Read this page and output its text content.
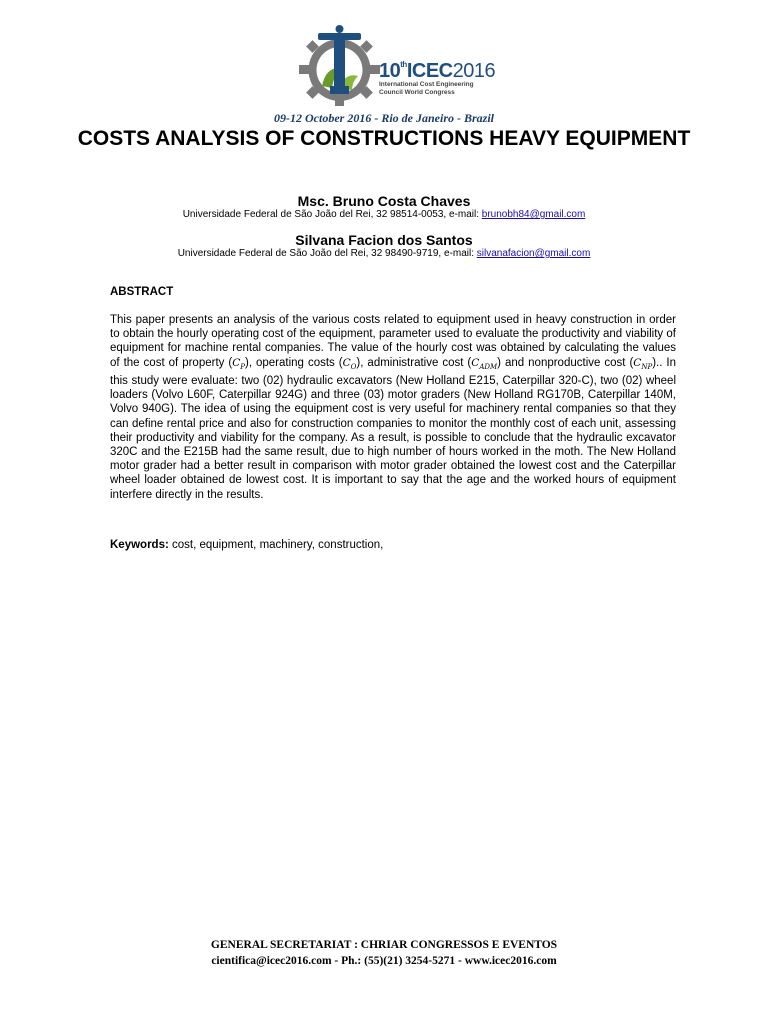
10thICEC2016
International Cost Engineering
Council World Congress
09-12 October 2016 - Rio de Janeiro - Brazil
COSTS ANALYSIS OF CONSTRUCTIONS HEAVY EQUIPMENT
Msc. Bruno Costa Chaves
Universidade Federal de São João del Rei, 32 98514-0053, e-mail: brunobh84@gmail.com
Silvana Facion dos Santos
Universidade Federal de São João del Rei, 32 98490-9719, e-mail: silvanafacion@gmail.com
ABSTRACT
This paper presents an analysis of the various costs related to equipment used in heavy construction in order to obtain the hourly operating cost of the equipment, parameter used to evaluate the productivity and viability of equipment for machine rental companies. The value of the hourly cost was obtained by calculating the values of the cost of property $(C_P)$, operating costs $(C_O)$, administrative cost $(C_{ADM})$ and nonproductive cost $(C_{NP})$.. In this study were evaluate: two (02) hydraulic excavators (New Holland E215, Caterpillar 320-C), two (02) wheel loaders (Volvo L60F, Caterpillar 924G) and three (03) motor graders (New Holland RG170B, Caterpillar 140M, Volvo 940G). The idea of using the equipment cost is very useful for machinery rental companies so that they can define rental price and also for construction companies to monitor the monthly cost of each unit, assessing their productivity and viability for the company. As a result, is possible to conclude that the hydraulic excavator 320C and the E215B had the same result, due to high number of hours worked in the moth. The New Holland motor grader had a better result in comparison with motor grader obtained the lowest cost and the Caterpillar wheel loader obtained de lowest cost. It is important to say that the age and the worked hours of equipment interfere directly in the results.
Keywords: cost, equipment, machinery, construction,
GENERAL SECRETARIAT : CHRIAR CONGRESSOS E EVENTOS
cientifica@icec2016.com - Ph.: (55)(21) 3254-5271 - www.icec2016.com
